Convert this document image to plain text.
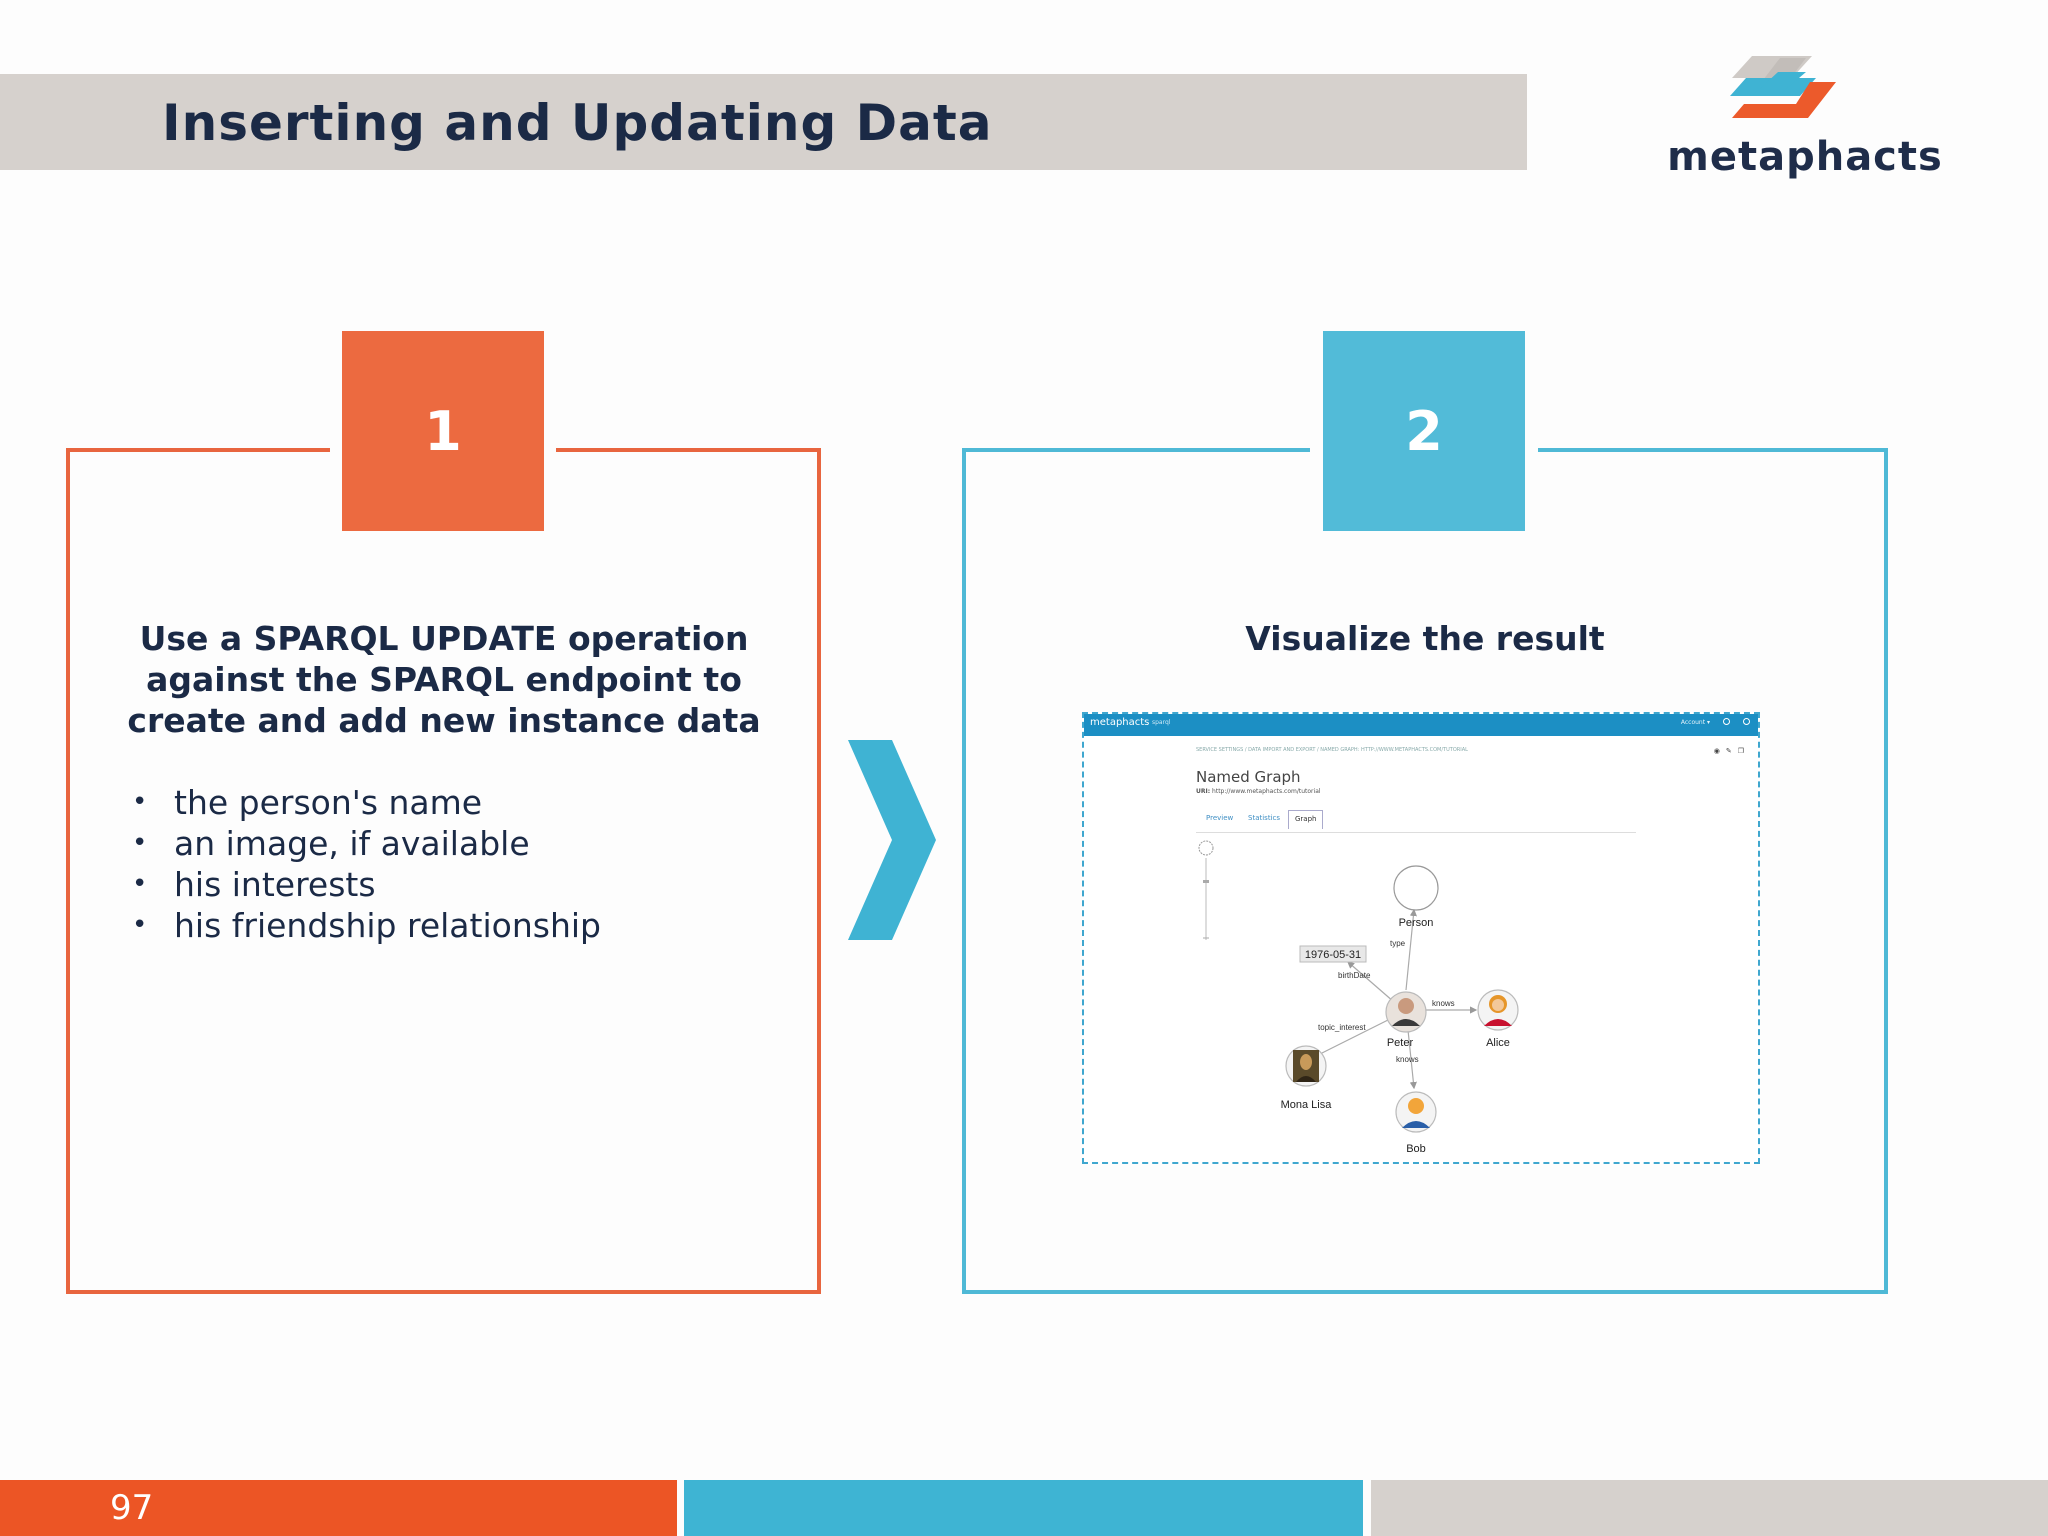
Inserting and Updating Data
metaphacts
1
Use a SPARQL UPDATE operation
against the SPARQL endpoint to
create and add new instance data
• the person's name
• an image, if available
• his interests
• his friendship relationship
2
Visualize the result
metaphacts sparql	Account ▾
SERVICE SETTINGS / DATA IMPORT AND EXPORT / NAMED GRAPH: HTTP://WWW.METAPHACTS.COM/TUTORIAL	◉✎❐
Named Graph
URI: http://www.metaphacts.com/tutorial
Preview Statistics	Graph
type
birthDate
knows
topic_interest
knows
Person
1976-05-31
Peter	Alice
Mona Lisa
Bob
97
